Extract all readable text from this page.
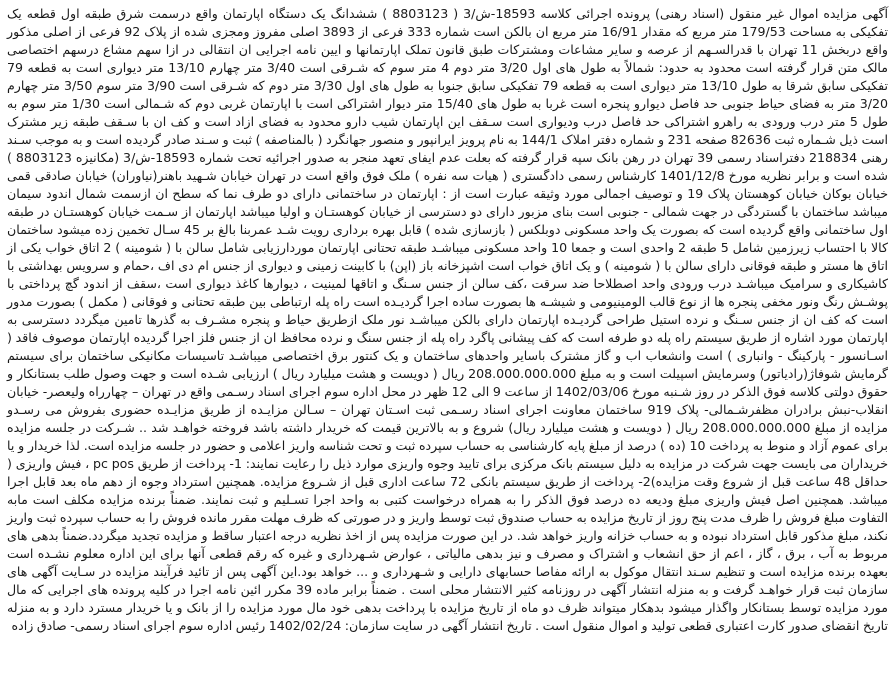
آگهی مزایده اموال غیر منقول (اسناد رهنی) پرونده اجرائی کلاسه 18593-ش/3 ( 8803123 ) ششدانگ یک دستگاه اپارتمان واقع درسمت شرق طبقه اول قطعه یک تفکیکی به مساحت 179/53 متر مربع که مقدار 16/91 متر مربع ان بالکن است شماره 333 فرعی از 3893 اصلی مفروز ومجزی شده از پلاک 92 فرعی از اصلی مذکور واقع دربخش 11 تهران با قدرالسـهم از عرصه و سایر مشاعات ومشترکات طبق قانون تملک اپارتمانها و ایین نامه اجرایی ان انتقالی در ازا سهم مشاع درسهم اختصاصی مالک متن قرار گرفته است محدود به حدود: شمالاً به طول های اول 3/20 متر دوم 4 متر سوم که شـرقی است 3/40 متر چهارم 13/10 متر دیواری است به قطعه 79 تفکیکی سابق شرقا به طول 13/10 متر دیواری است به قطعه 79 تفکیکی سابق جنوبا به طول های اول 3/30 متر دوم که شـرقی است 3/90 متر سوم 3/50 متر چهارم 3/20 متر به فضای حیاط جنوبی حد فاصل دیوارو پنجره است غربا به طول های 15/40 متر دیوار اشتراکی است با اپارتمان غربی دوم که شـمالی است 1/30 متر سوم به طول 5 متر درب ورودی به راهرو اشتراکی حد فاصل درب ودیواری است سـقف این اپارتمان شیب دارو محدود به فضای ازاد است و کف ان با سـقف طبقه زیر مشترک است ذیل شـماره ثبت 82636 صفحه 231 و شماره دفتر املاک 144/1 به نام پرویز ایرانپور و منصور جهانگرد ( بالمناصفه ) ثبت و سـند صادر گردیده است و به موجب سـند رهنی 218834 دفتراسناد رسمی 39 تهران در رهن بانک سپه قرار گرفته که بعلت عدم ایفای تعهد منجر به صدور اجرائیه تحت شماره 18593-ش/3 (مکانیزه 8803123 ) شده است و برابر نظریه مورخ 1401/12/8 کارشناس رسمی دادگستری ( هیات سه نفره ) ملک فوق واقع است در تهران خیابان شـهید باهنر(نیاوران) خیابان صادقی قمی خیابان بوکان خیابان کوهستان پلاک 19 و توصیف اجمالی مورد وثیقه عبارت است از : اپارتمان در ساختمانی دارای دو طرف نما که سطح ان ازسمت شمال اندود سیمان میباشد ساختمان با گستردگی در جهت شمالی - جنوبی است بنای مزبور دارای دو دسترسی از خیابان کوهستـان و اولیا میباشد اپارتمان از سـمت خیابان کوهستـان در طبقه اول ساختمانی واقع گردیده است که بصورت یک واحد مسکونی دوبلکس ( بازسازی شده ) قابل بهره برداری رویت شـد عمربنا بالغ بر 45 سـال تخمین زده میشود ساختمان کالا با احتساب زیرزمین شامل 5 طبقه 2 واحدی است و جمعا 10 واحد مسکونی میباشـد طبقه تحتانی اپارتمان موردارزیابی شامل سالن با ( شومینه ) 2 اتاق خواب یکی از اتاق ها مستر و طبقه فوقانی دارای سالن با ( شومینه ) و یک اتاق خواب است اشپزخانه باز (اپن) با کابینت زمینی و دیواری از جنس ام دی اف ،حمام و سرویس بهداشتی با کاشیکاری و سرامیک میباشـد درب ورودی واحد اصطلاحا ضد سرقت ،کف سالن از جنس سـنگ و اتاقها لمینیت ، دیوارها کاغذ دیواری است ،سقف از اندود گچ پرداختی با پوشـش رنگ ونور مخفی پنجره ها از نوع قالب الومینیومی و شیشـه ها بصورت ساده اجرا گردیـده است راه پله ارتباطی بین طبقه تحتانی و فوقانی ( مکمل ) بصورت مدور است که کف ان از جنس سـنگ و نرده استیل طراحی گردیـده اپارتمان دارای بالکن میباشـد نور ملک ازطریق حیاط و پنجره مشـرف به گذرها تامین میگردد دسترسی به اپارتمان مورد اشاره از طریق سیستم راه پله دو طرفه است که کف پیشانی پاگرد راه پله از جنس سنگ و نرده محافظ ان از جنس فلز اجرا گردیده اپارتمان موصوف فاقد ( اسـانسور - پارکینگ - وانباری ) است وانشعاب اب و گاز مشترک باسایر واحدهای ساختمان و یک کنتور برق اختصاصی میباشـد تاسیسات مکانیکی ساختمان برای سیستم گرمایش شوفاژ(رادیاتور) وسرمایش اسپیلت است و به مبلغ 208.000.000.000 ریال ( دویست و هشت میلیارد ریال ) ارزیابی شـده است و جهت وصول طلب بستانکار و حقوق دولتی کلاسه فوق الذکر در روز شـنبه مورخ 1402/03/06 از ساعت 9 الی 12 ظهر در محل اداره سوم اجرای اسناد رسـمی واقع در تهران – چهارراه ولیعصر- خیابان انقلاب-نبش برادران مظفرشـمالی- پلاک 919 ساختمان معاونت اجرای اسناد رسـمی ثبت اسـتان تهران – سـالن مزایـده از طریق مزایـده حضوری بفروش می رسـدو مزایده از مبلغ 208.000.000.000 ریال ( دویست و هشت میلیارد ریال) شروع و به بالاترین قیمت که خریدار داشته باشد فروخته خواهـد شد .. شـرکت در جلسه مزایده برای عموم آزاد و منوط به پرداخت 10 (ده ) درصد از مبلغ پایه کارشناسی به حساب سپرده ثبت و تحت شناسه واریز اعلامی و حضور در جلسه مزایده است. لذا خریدار و یا خریداران می بایست جهت شرکت در مزایده به دلیل سیستم بانک مرکزی برای تایید وجوه واریزی موارد ذیل را رعایت نمایند: 1- پرداخت از طریق pc pos ، فیش واریزی ( حداقل 48 ساعت قبل از شروع وقت مزایده)2- پرداخت از طریق سیستم بانکی 72 ساعت اداری قبل از شـروع مزایده. همچنین استرداد وجوه از دهم ماه بعد قابل اجرا میباشد. همچنین اصل فیش واریزی مبلغ ودیعه ده درصد فوق الذکر را به همراه درخواست کتبی به واحد اجرا تسـلیم و ثبت نمایند. ضمناً برنده مزایده مکلف است مابه التفاوت مبلغ فروش را ظرف مدت پنج روز از تاریخ مزایده به حساب صندوق ثبت توسط واریز و در صورتی که ظرف مهلت مقرر مانده فروش را به حساب سپرده ثبت واریز نکند، مبلغ مذکور قابل استرداد نبوده و به حساب خزانه واریز خواهد شد. در این صورت مزایده پس از اخذ نظریه درجه اعتبار ساقط و مزایده تجدید میگردد.ضمناً بدهی های مربوط به آب ، برق ، گاز ، اعم از حق انشعاب و اشتراک و مصرف و نیز بدهی مالیاتی ، عوارض شـهرداری و غیره که رقم قطعی آنها برای این اداره معلوم نشـده است بعهده برنده مزایده است و تنظیم سـند انتقال موکول به ارائه مفاصا حسابهای دارایی و شـهرداری و ... خواهد بود.این آگهی پس از تائید فرآیند مزایده در سـایت آگهی های سازمان ثبت قرار خواهـد گرفت و به منزله انتشار آگهی در روزنامه کثیر الانتشار محلی است . ضمناً برابر ماده 39 مکرر ائین نامه اجرا در کلیه پرونده های اجرایی که مال مورد مزایده توسط بستانکار واگذار میشود بدهکار میتواند ظرف دو ماه از تاریخ مزایده با پرداخت بدهی خود مال مورد مزایده را از بانک و یا خریدار مسترد دارد و به منزله تاریخ انقضای صدور کارت اعتباری قطعی تولید و اموال منقول است . تاریخ انتشار آگهی در سایت سازمان: 1402/02/24 رئیس اداره سوم اجرای اسناد رسمی- صادق زاده
